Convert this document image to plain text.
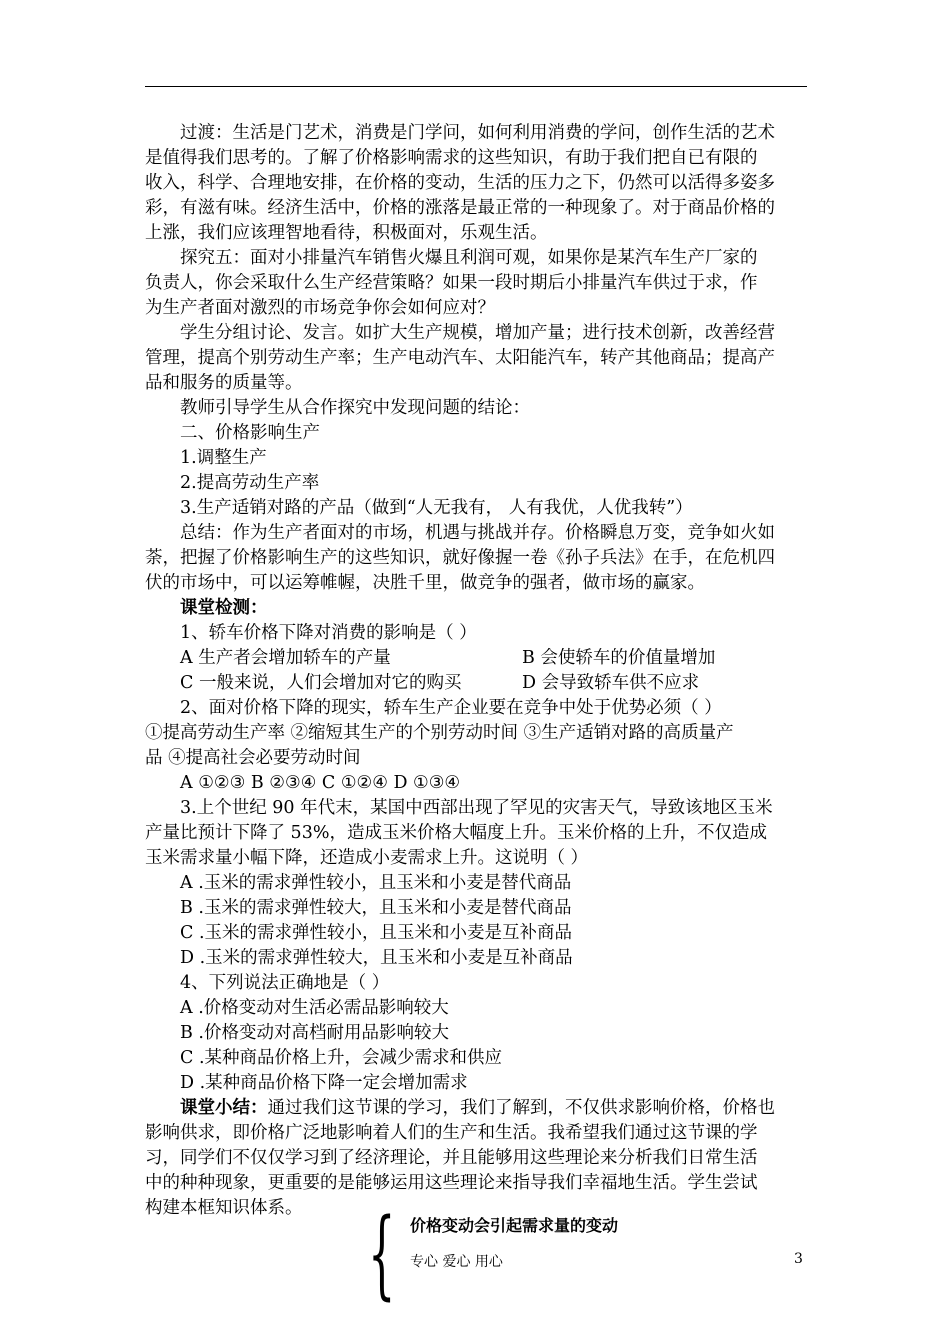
过渡：生活是门艺术，消费是门学问，如何利用消费的学问，创作生活的艺术
是值得我们思考的。了解了价格影响需求的这些知识，有助于我们把自已有限的
收入，科学、合理地安排，在价格的变动，生活的压力之下，仍然可以活得多姿多
彩，有滋有味。经济生活中，价格的涨落是最正常的一种现象了。对于商品价格的
上涨，我们应该理智地看待，积极面对，乐观生活。
探究五：面对小排量汽车销售火爆且利润可观，如果你是某汽车生产厂家的
负责人，你会采取什么生产经营策略？如果一段时期后小排量汽车供过于求，作
为生产者面对激烈的市场竞争你会如何应对？
学生分组讨论、发言。如扩大生产规模，增加产量；进行技术创新，改善经营
管理，提高个别劳动生产率；生产电动汽车、太阳能汽车，转产其他商品；提高产
品和服务的质量等。
教师引导学生从合作探究中发现问题的结论：
二、价格影响生产
1.调整生产
2.提高劳动生产率
3.生产适销对路的产品（做到“人无我有， 人有我优，人优我转”）
总结：作为生产者面对的市场，机遇与挑战并存。价格瞬息万变，竞争如火如
荼，把握了价格影响生产的这些知识，就好像握一卷《孙子兵法》在手，在危机四
伏的市场中，可以运筹帷幄，决胜千里，做竞争的强者，做市场的赢家。
课堂检测：
1、轿车价格下降对消费的影响是（ ）
A 生产者会增加轿车的产量	B 会使轿车的价值量增加
C 一般来说，人们会增加对它的购买	D 会导致轿车供不应求
2、面对价格下降的现实，轿车生产企业要在竞争中处于优势必须（ ）
①提高劳动生产率 ②缩短其生产的个别劳动时间 ③生产适销对路的高质量产
品 ④提高社会必要劳动时间
A ①②③ B ②③④ C ①②④ D ①③④
3.上个世纪 90 年代末，某国中西部出现了罕见的灾害天气，导致该地区玉米
产量比预计下降了 53%，造成玉米价格大幅度上升。玉米价格的上升，不仅造成
玉米需求量小幅下降，还造成小麦需求上升。这说明（ ）
A .玉米的需求弹性较小，且玉米和小麦是替代商品
B .玉米的需求弹性较大，且玉米和小麦是替代商品
C .玉米的需求弹性较小，且玉米和小麦是互补商品
D .玉米的需求弹性较大，且玉米和小麦是互补商品
4、下列说法正确地是（ ）
A .价格变动对生活必需品影响较大
B .价格变动对高档耐用品影响较大
C .某种商品价格上升，会减少需求和供应
D .某种商品价格下降一定会增加需求
课堂小结：通过我们这节课的学习，我们了解到，不仅供求影响价格，价格也
影响供求，即价格广泛地影响着人们的生产和生活。我希望我们通过这节课的学
习，同学们不仅仅学习到了经济理论，并且能够用这些理论来分析我们日常生活
中的种种现象，更重要的是能够运用这些理论来指导我们幸福地生活。学生尝试
构建本框知识体系。 { 价格变动会引起需求量的变动
专心 爱心 用心	3
